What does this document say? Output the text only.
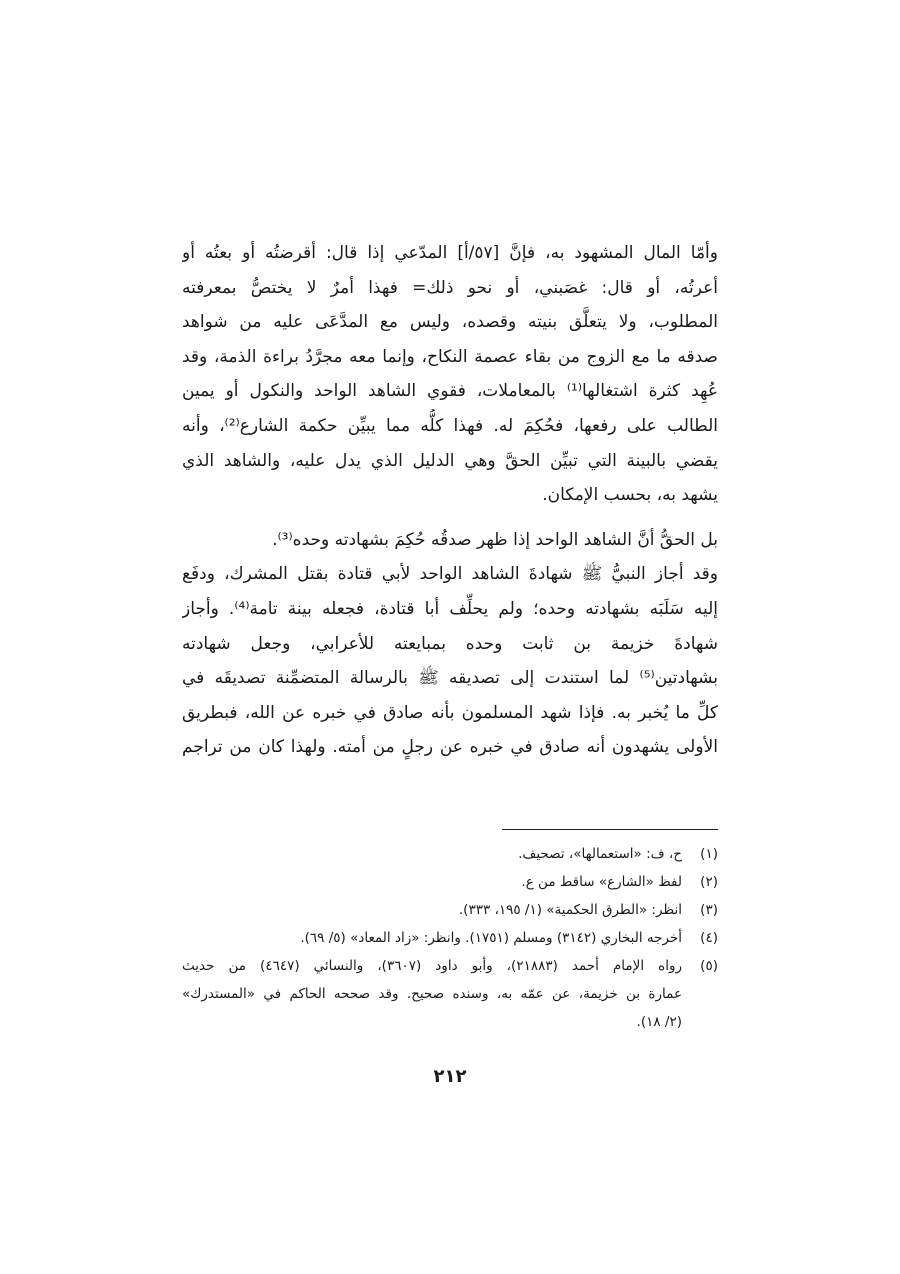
وأمّا المال المشهود به، فإنَّ [٥٧/أ] المدّعي إذا قال: أقرضتُه أو بعتُه أو
أعرتُه، أو قال: غصَبني، أو نحو ذلك= فهذا أمرٌ لا يختصُّ بمعرفته
المطلوب، ولا يتعلَّق بنيته وقصده، وليس مع المدَّعَى عليه من شواهد
صدقه ما مع الزوج من بقاء عصمة النكاح، وإنما معه مجرَّدُ براءة الذمة، وقد
عُهِد كثرة اشتغالها⁽¹⁾ بالمعاملات، فقوي الشاهد الواحد والنكول أو يمين
الطالب على رفعها، فحُكِمَ له. فهذا كلُّه مما يبيِّن حكمة الشارع⁽²⁾، وأنه
يقضي بالبينة التي تبيِّن الحقَّ وهي الدليل الذي يدل عليه، والشاهد الذي
يشهد به، بحسب الإمكان.
بل الحقُّ أنَّ الشاهد الواحد إذا ظهر صدقُه حُكِمَ بشهادته وحده⁽³⁾.
وقد أجاز النبيُّ ﷺ شهادةَ الشاهد الواحد لأبي قتادة بقتل المشرك، ودفَع
إليه سَلَبَه بشهادته وحده؛ ولم يحلِّف أبا قتادة، فجعله بينة تامة⁽⁴⁾. وأجاز
شهادةَ خزيمة بن ثابت وحده بمبايعته للأعرابي، وجعل شهادته
بشهادتين⁽⁵⁾ لما استندت إلى تصديقه ﷺ بالرسالة المتضمِّنة تصديقَه في
كلِّ ما يُخبر به. فإذا شهد المسلمون بأنه صادق في خبره عن الله، فبطريق
الأولى يشهدون أنه صادق في خبره عن رجلٍ من أمته. ولهذا كان من تراجم
(١)
ح، ف: «استعمالها»، تصحيف.
(٢)
لفظ «الشارع» ساقط من ع.
(٣)
انظر: «الطرق الحكمية» (١/ ١٩٥، ٣٣٣).
(٤)
أخرجه البخاري (٣١٤٢) ومسلم (١٧٥١). وانظر: «زاد المعاد» (٥/ ٦٩).
(٥)
رواه الإمام أحمد (٢١٨٨٣)، وأبو داود (٣٦٠٧)، والنسائي (٤٦٤٧) من حديث
عمارة بن خزيمة، عن عمّه به، وسنده صحيح. وقد صححه الحاكم في «المستدرك»
(٢/ ١٨).
٢١٢
